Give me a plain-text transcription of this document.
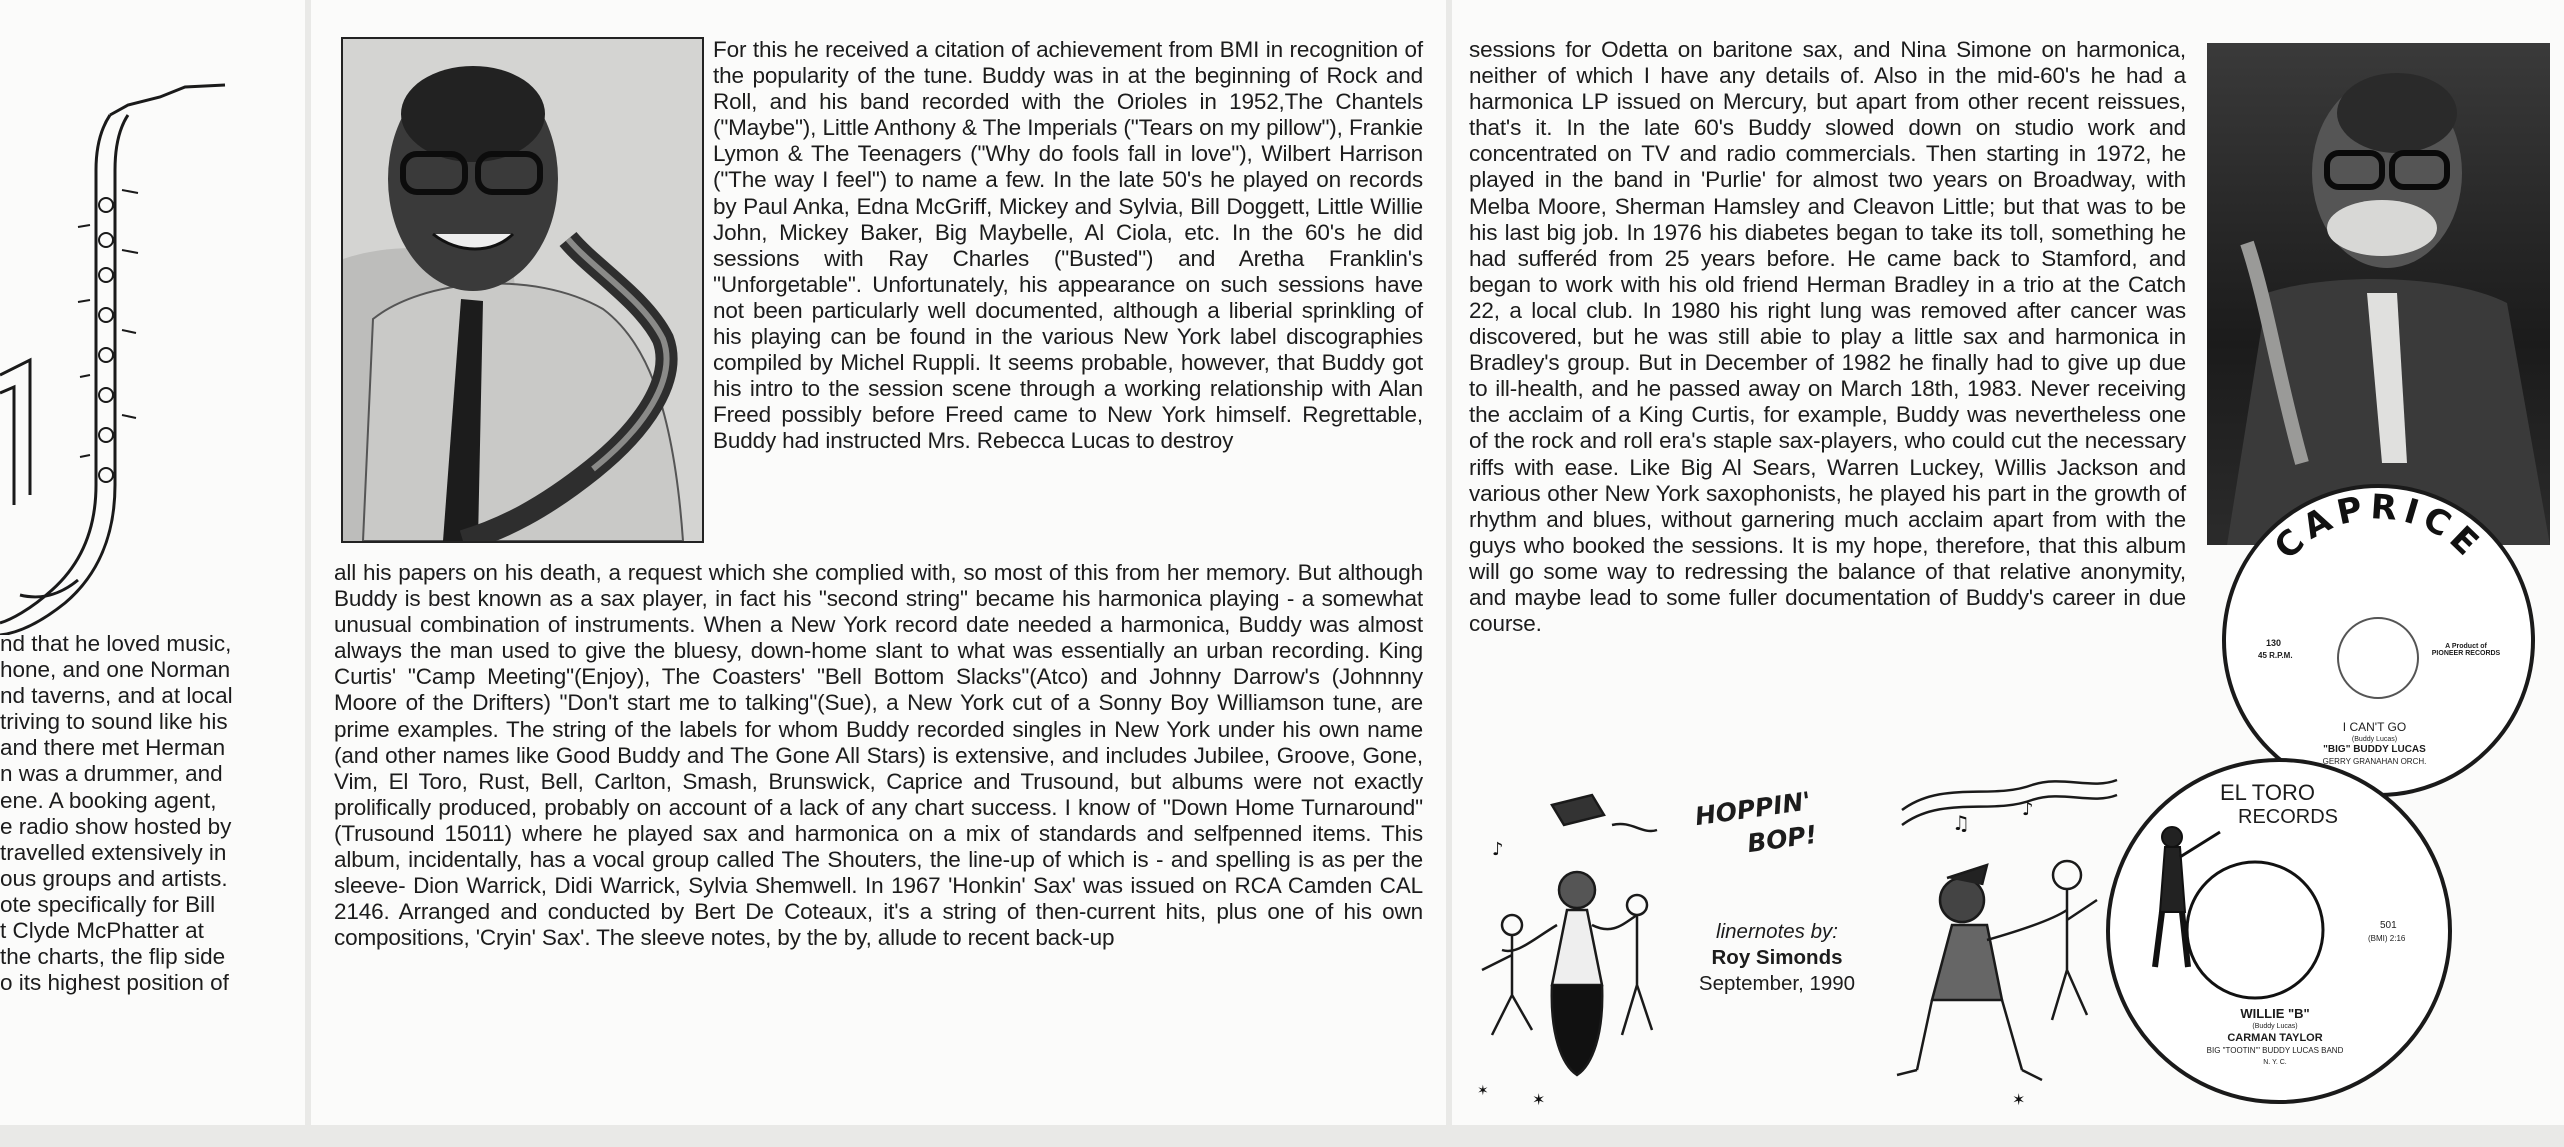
nd that he loved music,
hone, and one Norman
nd taverns, and at local
triving to sound like his
and there met Herman
n was a drummer, and
ene. A booking agent,
e radio show hosted by
travelled extensively in
ous groups and artists.
ote specifically for Bill
t Clyde McPhatter at
the charts, the flip side
o its highest position of

For this he received a citation of achievement from BMI in recognition of the popularity of the tune. Buddy was in at the beginning of Rock and Roll, and his band recorded with the Orioles in 1952,The Chantels ("Maybe"), Little Anthony & The Imperials ("Tears on my pillow"), Frankie Lymon & The Teenagers ("Why do fools fall in love"), Wilbert Harrison ("The way I feel") to name a few. In the late 50's he played on records by Paul Anka, Edna McGriff, Mickey and Sylvia, Bill Doggett, Little Willie John, Mickey Baker, Big Maybelle, Al Ciola, etc. In the 60's he did sessions with Ray Charles ("Busted") and Aretha Franklin's "Unforgetable". Unfortunately, his appearance on such sessions have not been particularly well documented, although a liberial sprinkling of his playing can be found in the various New York label discographies compiled by Michel Ruppli. It seems probable, however, that Buddy got his intro to the session scene through a working relationship with Alan Freed possibly before Freed came to New York himself. Regrettable, Buddy had instructed Mrs. Rebecca Lucas to destroy

all his papers on his death, a request which she complied with, so most of this from her memory. But although Buddy is best known as a sax player, in fact his "second string" became his harmonica playing - a somewhat unusual combination of instruments. When a New York record date needed a harmonica, Buddy was almost always the man used to give the bluesy, down-home slant to what was essentially an urban recording. King Curtis' "Camp Meeting"(Enjoy), The Coasters' "Bell Bottom Slacks"(Atco) and Johnny Darrow's (Johnnny Moore of the Drifters) "Don't start me to talking"(Sue), a New York cut of a Sonny Boy Williamson tune, are prime examples. The string of the labels for whom Buddy recorded singles in New York under his own name (and other names like Good Buddy and The Gone All Stars) is extensive, and includes Jubilee, Groove, Gone, Vim, El Toro, Rust, Bell, Carlton, Smash, Brunswick, Caprice and Trusound, but albums were not exactly prolifically produced, probably on account of a lack of any chart success. I know of "Down Home Turnaround" (Trusound 15011) where he played sax and harmonica on a mix of standards and selfpenned items. This album, incidentally, has a vocal group called The Shouters, the line-up of which is - and spelling is as per the sleeve- Dion Warrick, Didi Warrick, Sylvia Shemwell. In 1967 'Honkin' Sax' was issued on RCA Camden CAL 2146. Arranged and conducted by Bert De Coteaux, it's a string of then-current hits, plus one of his own compositions, 'Cryin' Sax'. The sleeve notes, by the by, allude to recent back-up

sessions for Odetta on baritone sax, and Nina Simone on harmonica, neither of which I have any details of. Also in the mid-60's he had a harmonica LP issued on Mercury, but apart from other recent reissues, that's it. In the late 60's Buddy slowed down on studio work and concentrated on TV and radio commercials. Then starting in 1972, he played in the band in 'Purlie' for almost two years on Broadway, with Melba Moore, Sherman Hamsley and Cleavon Little; but that was to be his last big job. In 1976 his diabetes began to take its toll, something he had sufferéd from 25 years before. He came back to Stamford, and began to work with his old friend Herman Bradley in a trio at the Catch 22, a local club. In 1980 his right lung was removed after cancer was discovered, but he was still abie to play a little sax and harmonica in Bradley's group. But in December of 1982 he finally had to give up due to ill-health, and he passed away on March 18th, 1983. Never receiving the acclaim of a King Curtis, for example, Buddy was nevertheless one of the rock and roll era's staple sax-players, who could cut the necessary riffs with ease. Like Big Al Sears, Warren Luckey, Willis Jackson and various other New York saxophonists, he played his part in the growth of rhythm and blues, without garnering much acclaim apart from with the guys who booked the sessions. It is my hope, therefore, that this album will go some way to redressing the balance of that relative anonymity, and maybe lead to some fuller documentation of Buddy's career in due course.

♪
✶
✶
HOPPIN'
BOP!
linernotes by:
Roy Simonds
September, 1990
♫
♪
✶
CAPRICE
130
45 R.P.M.
A Product of PIONEER RECORDS
I CAN'T GO
(Buddy Lucas)
"BIG" BUDDY LUCAS
GERRY GRANAHAN ORCH.
EL TORO
RECORDS
501
(BMI) 2:16
WILLIE "B"
(Buddy Lucas)
CARMAN TAYLOR
BIG "TOOTIN'" BUDDY LUCAS BAND
N. Y. C.
